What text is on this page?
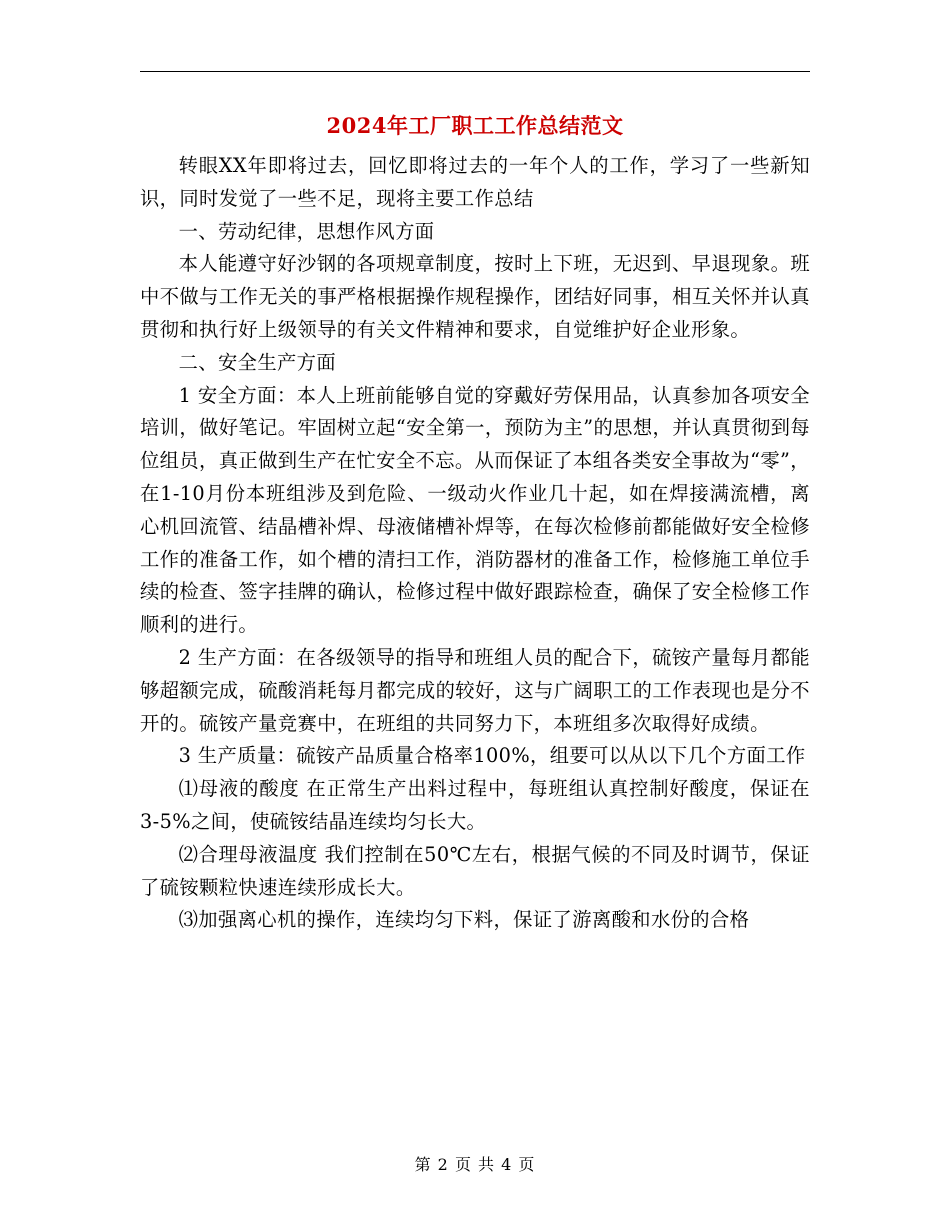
2024年工厂职工工作总结范文

转眼XX年即将过去，回忆即将过去的一年个人的工作，学习了一些新知识，同时发觉了一些不足，现将主要工作总结

一、劳动纪律，思想作风方面

本人能遵守好沙钢的各项规章制度，按时上下班，无迟到、早退现象。班中不做与工作无关的事严格根据操作规程操作，团结好同事，相互关怀并认真贯彻和执行好上级领导的有关文件精神和要求，自觉维护好企业形象。

二、安全生产方面

1 安全方面：本人上班前能够自觉的穿戴好劳保用品，认真参加各项安全培训，做好笔记。牢固树立起“安全第一，预防为主”的思想，并认真贯彻到每位组员，真正做到生产在忙安全不忘。从而保证了本组各类安全事故为“零”，在1-10月份本班组涉及到危险、一级动火作业几十起，如在焊接满流槽，离心机回流管、结晶槽补焊、母液储槽补焊等，在每次检修前都能做好安全检修工作的准备工作，如个槽的清扫工作，消防器材的准备工作，检修施工单位手续的检查、签字挂牌的确认，检修过程中做好跟踪检查，确保了安全检修工作顺利的进行。

2 生产方面：在各级领导的指导和班组人员的配合下，硫铵产量每月都能够超额完成，硫酸消耗每月都完成的较好，这与广阔职工的工作表现也是分不开的。硫铵产量竞赛中，在班组的共同努力下，本班组多次取得好成绩。

3 生产质量：硫铵产品质量合格率100%，组要可以从以下几个方面工作

⑴母液的酸度 在正常生产出料过程中，每班组认真控制好酸度，保证在3-5%之间，使硫铵结晶连续均匀长大。

⑵合理母液温度 我们控制在50℃左右，根据气候的不同及时调节，保证了硫铵颗粒快速连续形成长大。

⑶加强离心机的操作，连续均匀下料，保证了游离酸和水份的合格

第 2 页 共 4 页
